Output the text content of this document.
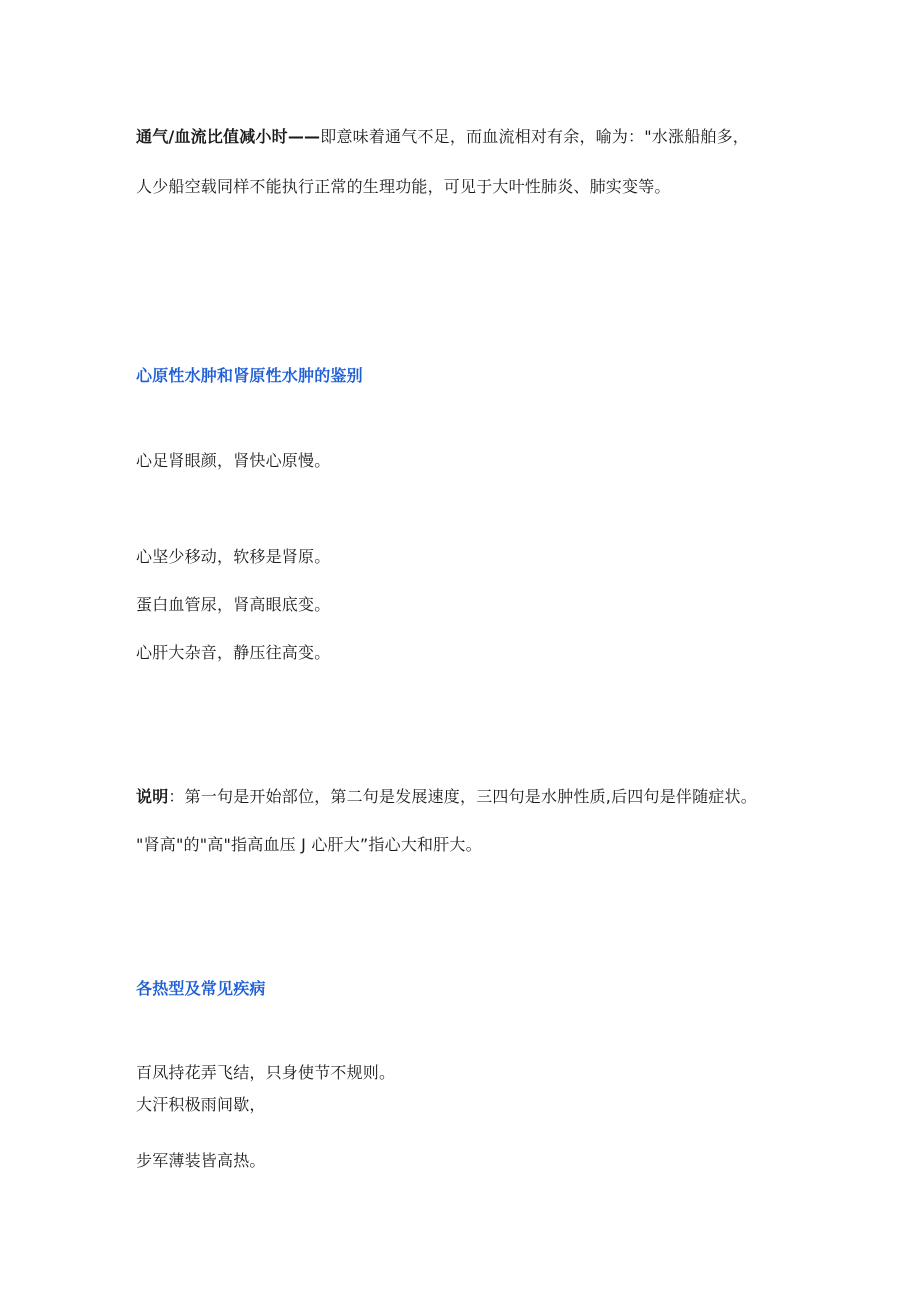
通气/血流比值减小时——即意味着通气不足，而血流相对有余，喻为："水涨船舶多，
人少船空载同样不能执行正常的生理功能，可见于大叶性肺炎、肺实变等。
心原性水肿和肾原性水肿的鉴别
心足肾眼颜，肾快心原慢。
心坚少移动，软移是肾原。
蛋白血管尿，肾高眼底变。
心肝大杂音，静压往高变。
说明：第一句是开始部位，第二句是发展速度，三四句是水肿性质,后四句是伴随症状。
"肾高"的"高"指高血压 J 心肝大”指心大和肝大。
各热型及常见疾病
百凤持花弄飞结，只身使节不规则。
大汗积极雨间歇，
步军薄装皆高热。
